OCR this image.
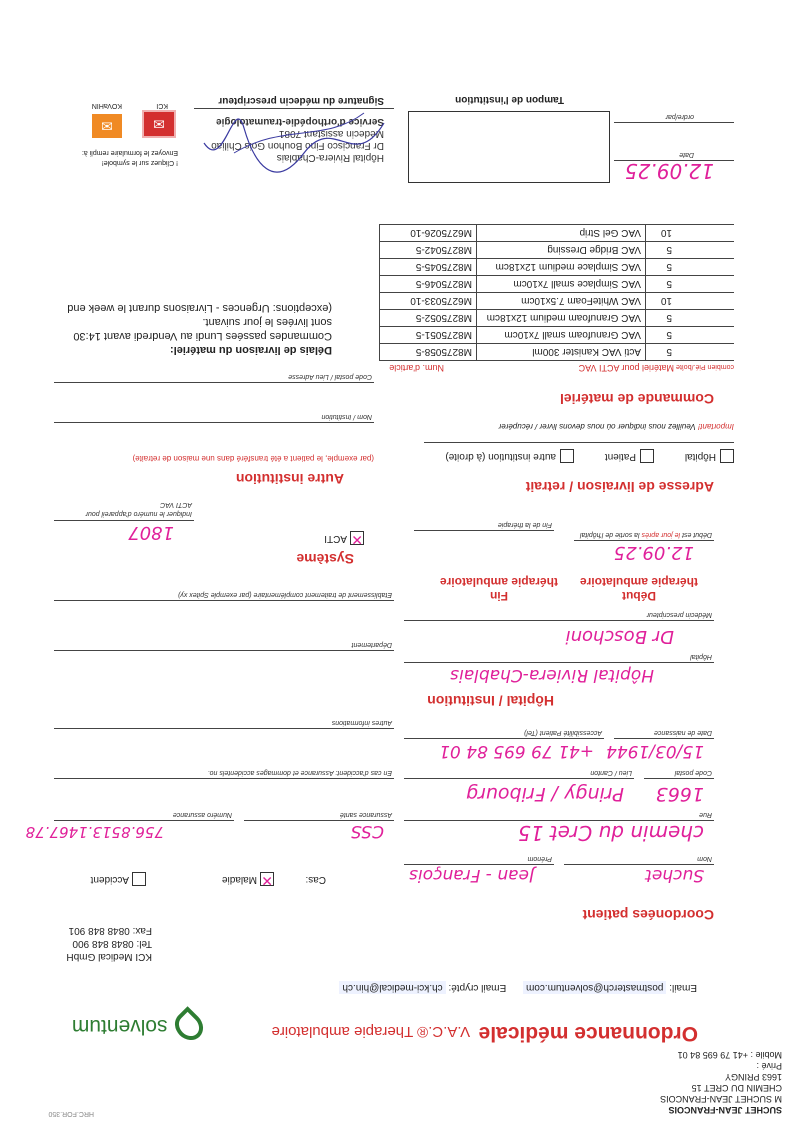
HRC.FOR.350	SUCHET JEAN-FRANCOIS
M SUCHET JEAN-FRANCOIS
CHEMIN DU CRET 15
1663 PRINGY
Privé :
Mobile : +41 79 695 84 01
solventum	Ordonnance médicale V.A.C.® Therapie ambulatoire
Email: postmasterch@solventum.com Email crypté: ch.kci-medical@hin.ch
KCI Medical GmbH
Tel: 0848 848 900
Fax: 0848 848 901
Coordonées patient
Cas:
✕
Maladie
Accident	Suchet
Jean - François
Nom
Prénom
chemin du Cret 15
CSS
756.8513.1467.78
Rue
Assurance santé
Numéro assurance
1663
Pringy / Fribourg
Code postal
Lieu / Canton
En cas d'accident: Assurance et dommages accidentels no.
15/03/1944
+41 79 695 84 01
Date de naissance
Accessibilité Patient (Tel)
Autres informations
Hôpital / Institution
Hôpital Riviera-Chablais
Hôpital
Département	Dr Boschoni
Médecin prescripteur
Etablissement de traitement complémentaire (par exemple Spitex xy)	Début
thérapie ambulatoire
Fin
thérapie ambulatoire
12.09.25
Début est le jour après la sortie de l'hôpital
Fin de la thérapie
Système
✕
ACTI
1807
Indiquer le numéro d'appareil pour
ACTI VAC
Adresse de livraison / retrait
Hôpital
Patient
autre institution (à droite)
Important! Veuillez nous indiquer où nous devons livrer / récupérer
Autre institution
(par exemple, le patient a été transféré dans une maison de retraite)
Nom / Institution
Code postal / Lieu Adresse
Commande de matériel
combien Pié./boîte Matériel pour ACTI VAC
Num. d'article
	5	Acti VAC Kanister 300ml	M8275058-5
	5	VAC Granufoam small 7x10cm	M8275051-5
	5	VAC Granufoam medium 12x18cm	M8275052-5
	10	VAC WhiteFoam 7.5x10cm	M6275033-10
	5	VAC Simplace small 7x10cm	M8275046-5
	5	VAC Simplace medium 12x18cm	M8275045-5
	5	VAC Bridge Dressing	M8275042-5
	10	VAC Gel Strip	M6275026-10
Délais de livraison du matériel:
Commandes passées Lundi au Vendredi avant 14:30
sont livrées le jour suivant.
(exceptions: Urgences - Livraisons durant le week end
12.09.25
Date
ordre/par
Tampon de l'institution
Hôpital Riviera-Chablais
Dr Francisco Fino Bouhon Gois Chiliao
Médecin assistant 7081
Service d'orthopédie-traumatologie
Signature du médecin prescripteur
! Cliquez sur le symbole!
Envoyez le formulaire rempli à:
✉
KCI
✉
KOVaHIN
